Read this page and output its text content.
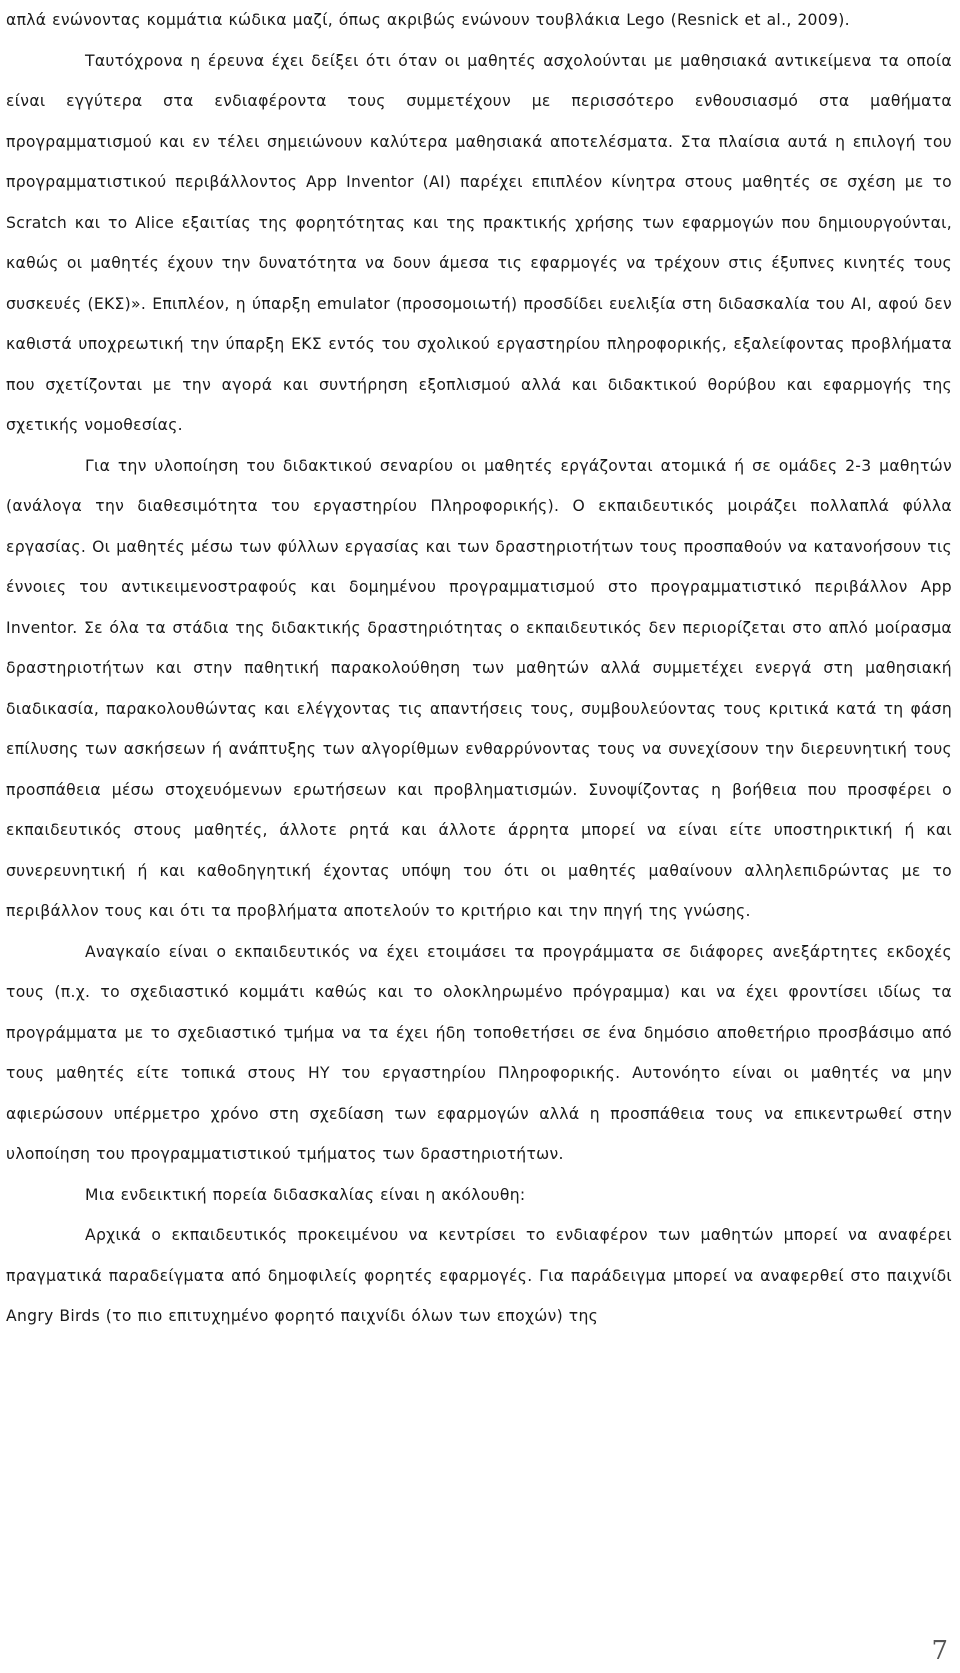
απλά ενώνοντας κομμάτια κώδικα μαζί, όπως ακριβώς ενώνουν τουβλάκια Lego (Resnick et al., 2009).

Ταυτόχρονα η έρευνα έχει δείξει ότι όταν οι μαθητές ασχολούνται με μαθησιακά αντικείμενα τα οποία είναι εγγύτερα στα ενδιαφέροντα τους συμμετέχουν με περισσότερο ενθουσιασμό στα μαθήματα προγραμματισμού και εν τέλει σημειώνουν καλύτερα μαθησιακά αποτελέσματα. Στα πλαίσια αυτά η επιλογή του προγραμματιστικού περιβάλλοντος App Inventor (AI) παρέχει επιπλέον κίνητρα στους μαθητές σε σχέση με το Scratch και το Alice εξαιτίας της φορητότητας και της πρακτικής χρήσης των εφαρμογών που δημιουργούνται, καθώς οι μαθητές έχουν την δυνατότητα να δουν άμεσα τις εφαρμογές να τρέχουν στις έξυπνες κινητές τους συσκευές (ΕΚΣ)». Επιπλέον, η ύπαρξη emulator (προσομοιωτή) προσδίδει ευελιξία στη διδασκαλία του AI, αφού δεν καθιστά υποχρεωτική την ύπαρξη ΕΚΣ εντός του σχολικού εργαστηρίου πληροφορικής, εξαλείφοντας προβλήματα που σχετίζονται με την αγορά και συντήρηση εξοπλισμού αλλά και διδακτικού θορύβου και εφαρμογής της σχετικής νομοθεσίας.

Για την υλοποίηση του διδακτικού σεναρίου οι μαθητές εργάζονται ατομικά ή σε ομάδες 2-3 μαθητών (ανάλογα την διαθεσιμότητα του εργαστηρίου Πληροφορικής). Ο εκπαιδευτικός μοιράζει πολλαπλά φύλλα εργασίας. Οι μαθητές μέσω των φύλλων εργασίας και των δραστηριοτήτων τους προσπαθούν να κατανοήσουν τις έννοιες του αντικειμενοστραφούς και δομημένου προγραμματισμού στο προγραμματιστικό περιβάλλον App Inventor. Σε όλα τα στάδια της διδακτικής δραστηριότητας ο εκπαιδευτικός δεν περιορίζεται στο απλό μοίρασμα δραστηριοτήτων και στην παθητική παρακολούθηση των μαθητών αλλά συμμετέχει ενεργά στη μαθησιακή διαδικασία, παρακολουθώντας και ελέγχοντας τις απαντήσεις τους, συμβουλεύοντας τους κριτικά κατά τη φάση επίλυσης των ασκήσεων ή ανάπτυξης των αλγορίθμων ενθαρρύνοντας τους να συνεχίσουν την διερευνητική τους προσπάθεια μέσω στοχευόμενων ερωτήσεων και προβληματισμών. Συνοψίζοντας η βοήθεια που προσφέρει ο εκπαιδευτικός στους μαθητές, άλλοτε ρητά και άλλοτε άρρητα μπορεί να είναι είτε υποστηρικτική ή και συνερευνητική ή και καθοδηγητική έχοντας υπόψη του ότι οι μαθητές μαθαίνουν αλληλεπιδρώντας με το περιβάλλον τους και ότι τα προβλήματα αποτελούν το κριτήριο και την πηγή της γνώσης.

Αναγκαίο είναι ο εκπαιδευτικός να έχει ετοιμάσει τα προγράμματα σε διάφορες ανεξάρτητες εκδοχές τους (π.χ. το σχεδιαστικό κομμάτι καθώς και το ολοκληρωμένο πρόγραμμα) και να έχει φροντίσει ιδίως τα προγράμματα με το σχεδιαστικό τμήμα να τα έχει ήδη τοποθετήσει σε ένα δημόσιο αποθετήριο προσβάσιμο από τους μαθητές είτε τοπικά στους ΗΥ του εργαστηρίου Πληροφορικής. Αυτονόητο είναι οι μαθητές να μην αφιερώσουν υπέρμετρο χρόνο στη σχεδίαση των εφαρμογών αλλά η προσπάθεια τους να επικεντρωθεί στην υλοποίηση του προγραμματιστικού τμήματος των δραστηριοτήτων.

Μια ενδεικτική πορεία διδασκαλίας είναι η ακόλουθη:

Αρχικά ο εκπαιδευτικός προκειμένου να κεντρίσει το ενδιαφέρον των μαθητών μπορεί να αναφέρει πραγματικά παραδείγματα από δημοφιλείς φορητές εφαρμογές. Για παράδειγμα μπορεί να αναφερθεί στο παιχνίδι Angry Birds (το πιο επιτυχημένο φορητό παιχνίδι όλων των εποχών) της

7
